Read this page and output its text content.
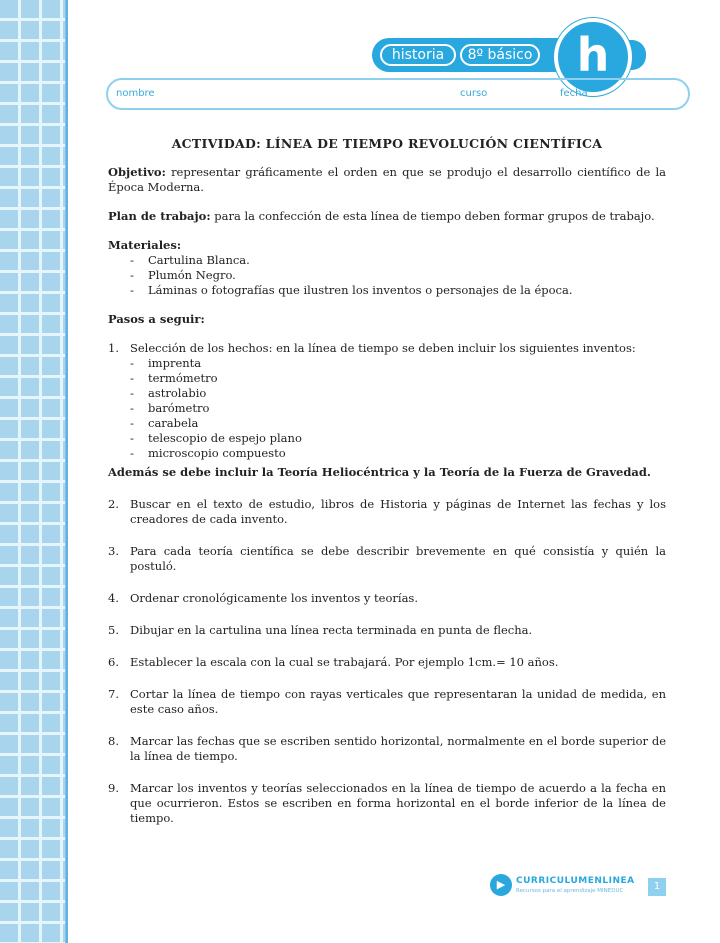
historia	8º básico h
nombre	curso	fecha
ACTIVIDAD: LÍNEA DE TIEMPO REVOLUCIÓN CIENTÍFICA

Objetivo: representar gráficamente el orden en que se produjo el desarrollo científico de la Época Moderna.

Plan de trabajo: para la confección de esta línea de tiempo deben formar grupos de trabajo.

Materiales:
- Cartulina Blanca.
- Plumón Negro.
- Láminas o fotografías que ilustren los inventos o personajes de la época.
Pasos a seguir:
1. Selección de los hechos: en la línea de tiempo se deben incluir los siguientes inventos:
- imprenta
- termómetro
- astrolabio
- barómetro
- carabela
- telescopio de espejo plano
- microscopio compuesto

Además se debe incluir la Teoría Heliocéntrica y la Teoría de la Fuerza de Gravedad.

2. Buscar en el texto de estudio, libros de Historia y páginas de Internet las fechas y los creadores de cada invento.
3. Para cada teoría científica se debe describir brevemente en qué consistía y quién la postuló.
4. Ordenar cronológicamente los inventos y teorías.
5. Dibujar en la cartulina una línea recta terminada en punta de flecha.
6. Establecer la escala con la cual se trabajará. Por ejemplo 1cm.= 10 años.
7. Cortar la línea de tiempo con rayas verticales que representaran la unidad de medida, en este caso años.
8. Marcar las fechas que se escriben sentido horizontal, normalmente en el borde superior de la línea de tiempo.
9. Marcar los inventos y teorías seleccionados en la línea de tiempo de acuerdo a la fecha en que ocurrieron. Estos se escriben en forma horizontal en el borde inferior de la línea de tiempo.
▶	CURRICULUMENLINEA
Recursos para el aprendizaje MINEDUC	1
